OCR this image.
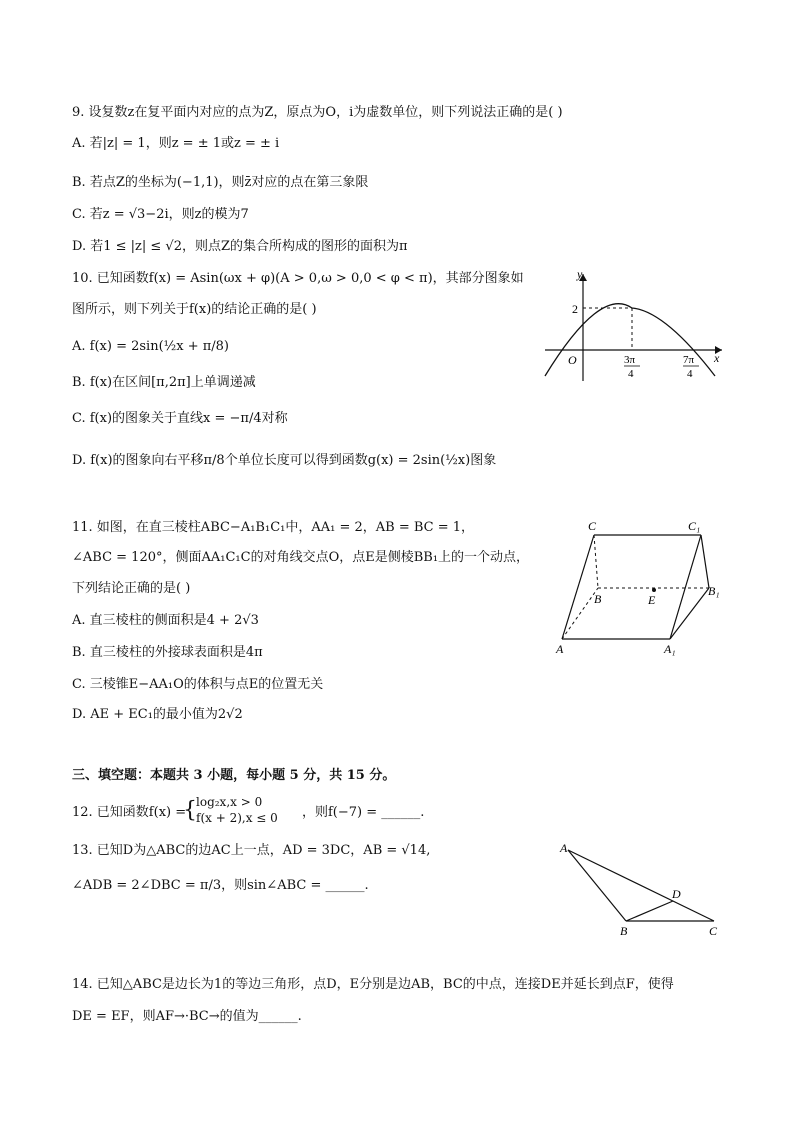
9. 设复数z在复平面内对应的点为Z，原点为O，i为虚数单位，则下列说法正确的是( )
A. 若|z| = 1，则z = ± 1或z = ± i
B. 若点Z的坐标为(−1,1)，则z̄对应的点在第三象限
C. 若z = √3−2i，则z的模为7
D. 若1 ≤ |z| ≤ √2，则点Z的集合所构成的图形的面积为π
10. 已知函数f(x) = Asin(ωx + φ)(A > 0,ω > 0,0 < φ < π)，其部分图象如
图所示，则下列关于f(x)的结论正确的是( )
A. f(x) = 2sin(½x + π/8)
B. f(x)在区间[π,2π]上单调递减
C. f(x)的图象关于直线x = −π/4对称
D. f(x)的图象向右平移π/8个单位长度可以得到函数g(x) = 2sin(½x)图象
y
x
O
2
3π
4
7π
4
11. 如图，在直三棱柱ABC−A₁B₁C₁中，AA₁ = 2，AB = BC = 1，
∠ABC = 120°，侧面AA₁C₁C的对角线交点O，点E是侧棱BB₁上的一个动点，
下列结论正确的是( )
A. 直三棱柱的侧面积是4 + 2√3
B. 直三棱柱的外接球表面积是4π
C. 三棱锥E−AA₁O的体积与点E的位置无关
D. AE + EC₁的最小值为2√2
C	C₁
B	E
B₁
A	A₁
三、填空题：本题共 3 小题，每小题 5 分，共 15 分。
12. 已知函数f(x) =
{ log₂x,x > 0
f(x + 2),x ≤ 0 ，则f(−7) = ______.
13. 已知D为△ABC的边AC上一点，AD = 3DC，AB = √14,
∠ADB = 2∠DBC = π/3，则sin∠ABC = ______.
A
D
B	C
14. 已知△ABC是边长为1的等边三角形，点D，E分别是边AB，BC的中点，连接DE并延长到点F，使得
DE = EF，则AF→·BC→的值为______.
